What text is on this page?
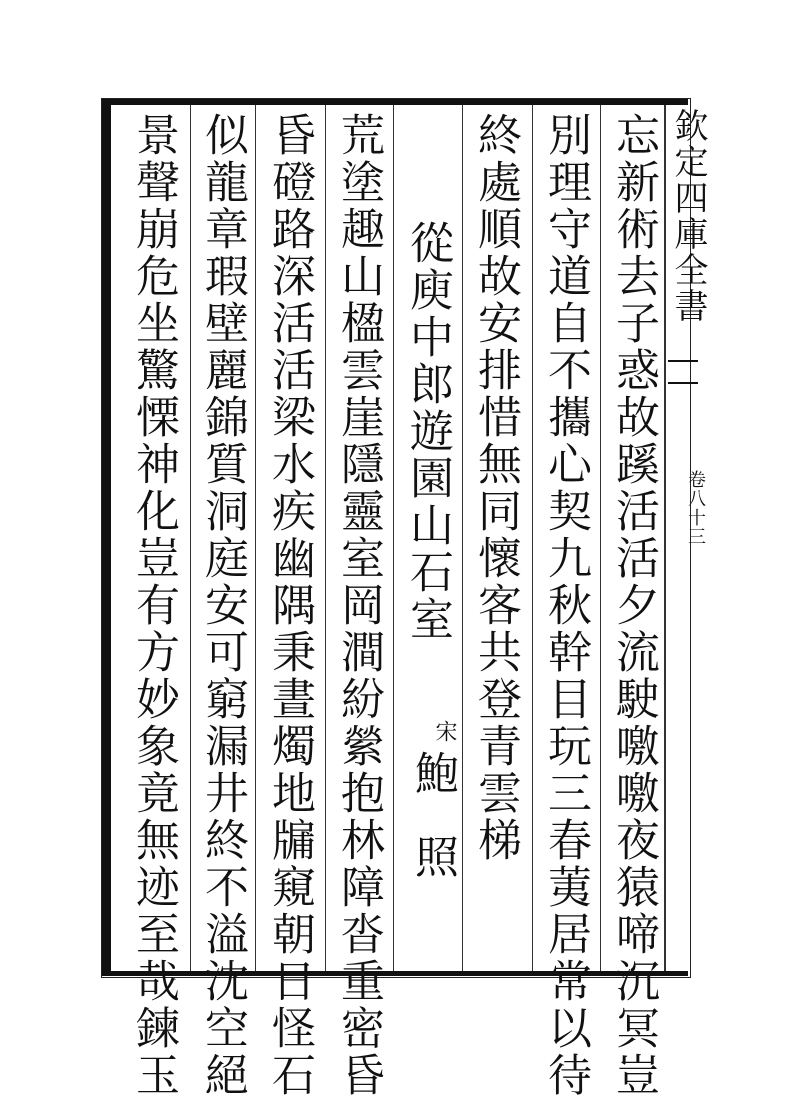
欽定四庫全書
卷八十三
忘新術去子惑故蹊活活夕流駛噭噭夜猿啼沉冥豈
別理守道自不攜心契九秋幹目玩三春荑居常以待
終處順故安排惜無同懷客共登青雲梯
從庾中郎遊園山石室
荒塗趣山楹雲崖隱靈室岡澗紛縈抱林障沓重密昏
昏磴路深活活梁水疾幽隅秉晝燭地牖窺朝日怪石
似龍章瑕壁麗錦質洞庭安可窮漏井終不溢沈空絕
景聲崩危坐驚慄神化豈有方妙象竟無迹至哉鍊玉	宋
鮑照
